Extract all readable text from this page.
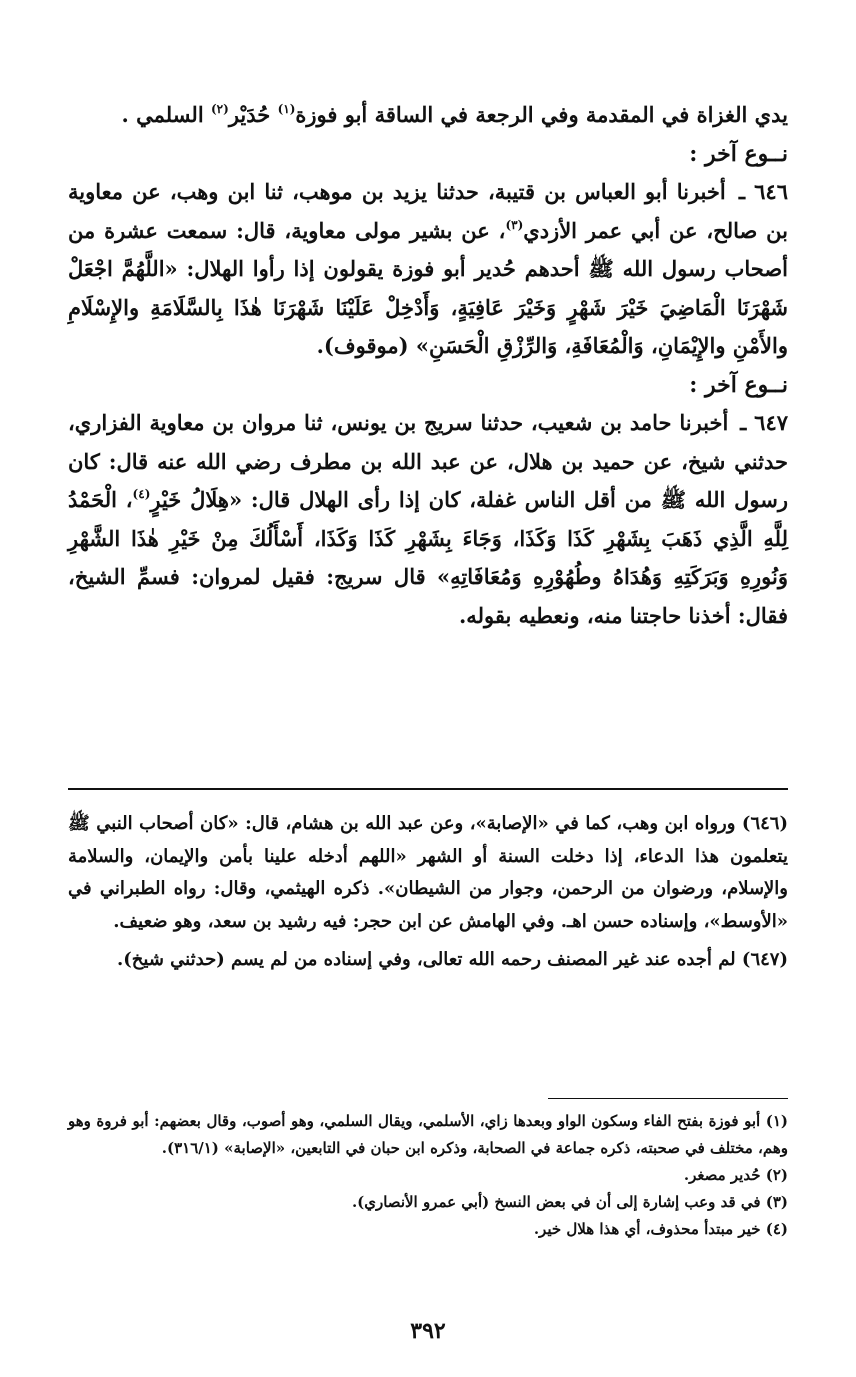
يدي الغزاة في المقدمة وفي الرجعة في الساقة أبو فوزة$^{(١)}$ حُدَيْر$^{(٢)}$ السلمي .

نــوع آخر :

٦٤٦ ـ أخبرنا أبو العباس بن قتيبة، حدثنا يزيد بن موهب، ثنا ابن وهب، عن معاوية بن صالح، عن أبي عمر الأزدي$^{(٣)}$، عن بشير مولى معاوية، قال: سمعت عشرة من أصحاب رسول الله ﷺ أحدهم حُدير أبو فوزة يقولون إذا رأوا الهلال: «اللَّهُمَّ اجْعَلْ شَهْرَنَا الْمَاضِيَ خَيْرَ شَهْرٍ وَخَيْرَ عَافِيَةٍ، وَأَدْخِلْ عَلَيْنَا شَهْرَنَا هٰذَا بِالسَّلَامَةِ والإِسْلَامِ والأَمْنِ والإِيْمَانِ، وَالْمُعَافَةِ، وَالرِّزْقِ الْحَسَنِ» (موقوف).

نــوع آخر :

٦٤٧ ـ أخبرنا حامد بن شعيب، حدثنا سريج بن يونس، ثنا مروان بن معاوية الفزاري، حدثني شيخ، عن حميد بن هلال، عن عبد الله بن مطرف رضي الله عنه قال: كان رسول الله ﷺ من أقل الناس غفلة، كان إذا رأى الهلال قال: «هِلَالُ خَيْرٍ$^{(٤)}$، الْحَمْدُ لِلَّهِ الَّذِي ذَهَبَ بِشَهْرِ كَذَا وَكَذَا، وَجَاءَ بِشَهْرِ كَذَا وَكَذَا، أَسْأَلُكَ مِنْ خَيْرِ هٰذَا الشَّهْرِ وَنُورِهِ وَبَرَكَتِهِ وَهُدَاهُ وطُهُوْرِهِ وَمُعَافَاتِهِ» قال سريج: فقيل لمروان: فسمِّ الشيخ، فقال: أخذنا حاجتنا منه، ونعطيه بقوله.

(٦٤٦) ورواه ابن وهب، كما في «الإصابة»، وعن عبد الله بن هشام، قال: «كان أصحاب النبي ﷺ يتعلمون هذا الدعاء، إذا دخلت السنة أو الشهر «اللهم أدخله علينا بأمن والإيمان، والسلامة والإسلام، ورضوان من الرحمن، وجوار من الشيطان». ذكره الهيثمي، وقال: رواه الطبراني في «الأوسط»، وإسناده حسن اهـ. وفي الهامش عن ابن حجر: فيه رشيد بن سعد، وهو ضعيف.

(٦٤٧) لم أجده عند غير المصنف رحمه الله تعالى، وفي إسناده من لم يسم (حدثني شيخ).

(١) أبو فوزة بفتح الفاء وسكون الواو وبعدها زاي، الأسلمي، ويقال السلمي، وهو أصوب، وقال بعضهم: أبو فروة وهو وهم، مختلف في صحبته، ذكره جماعة في الصحابة، وذكره ابن حبان في التابعين، «الإصابة» (٣١٦/١).

(٢) حُدير مصغر.

(٣) في قد وعب إشارة إلى أن في بعض النسخ (أبي عمرو الأنصاري).

(٤) خير مبتدأ محذوف، أي هذا هلال خير.

٣٩٢
